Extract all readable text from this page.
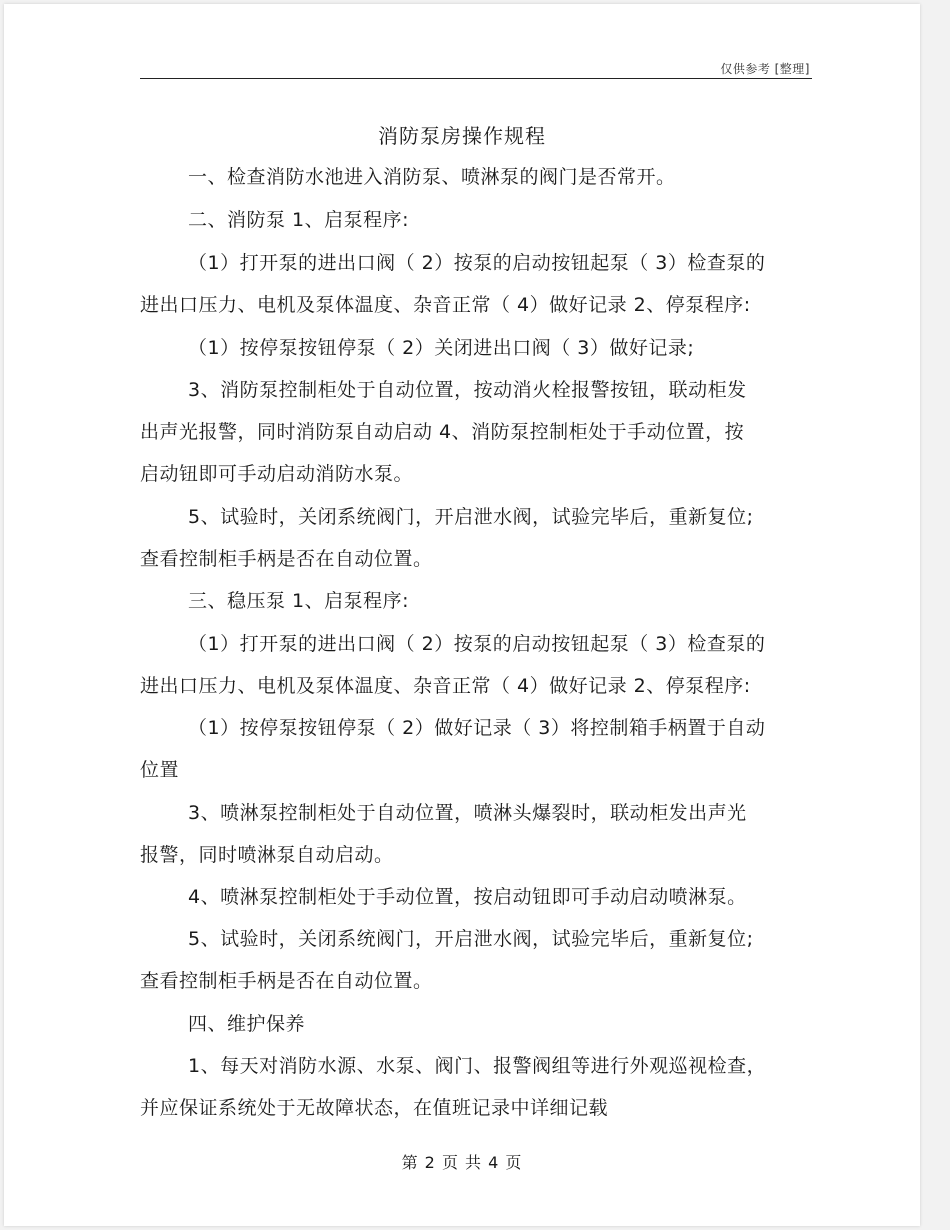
仅供参考 [整理]
消防泵房操作规程
一、检查消防水池进入消防泵、喷淋泵的阀门是否常开。
二、消防泵 1、启泵程序:
（1）打开泵的进出口阀（ 2）按泵的启动按钮起泵（ 3）检查泵的
进出口压力、电机及泵体温度、杂音正常（ 4）做好记录 2、停泵程序:
（1）按停泵按钮停泵（ 2）关闭进出口阀（ 3）做好记录;
3、消防泵控制柜处于自动位置，按动消火栓报警按钮，联动柜发
出声光报警，同时消防泵自动启动 4、消防泵控制柜处于手动位置，按
启动钮即可手动启动消防水泵。
5、试验时，关闭系统阀门，开启泄水阀，试验完毕后，重新复位;
查看控制柜手柄是否在自动位置。
三、稳压泵 1、启泵程序:
（1）打开泵的进出口阀（ 2）按泵的启动按钮起泵（ 3）检查泵的
进出口压力、电机及泵体温度、杂音正常（ 4）做好记录 2、停泵程序:
（1）按停泵按钮停泵（ 2）做好记录（ 3）将控制箱手柄置于自动
位置
3、喷淋泵控制柜处于自动位置，喷淋头爆裂时，联动柜发出声光
报警，同时喷淋泵自动启动。
4、喷淋泵控制柜处于手动位置，按启动钮即可手动启动喷淋泵。
5、试验时，关闭系统阀门，开启泄水阀，试验完毕后，重新复位;
查看控制柜手柄是否在自动位置。
四、维护保养
1、每天对消防水源、水泵、阀门、报警阀组等进行外观巡视检查，
并应保证系统处于无故障状态，在值班记录中详细记载
第 2 页 共 4 页
